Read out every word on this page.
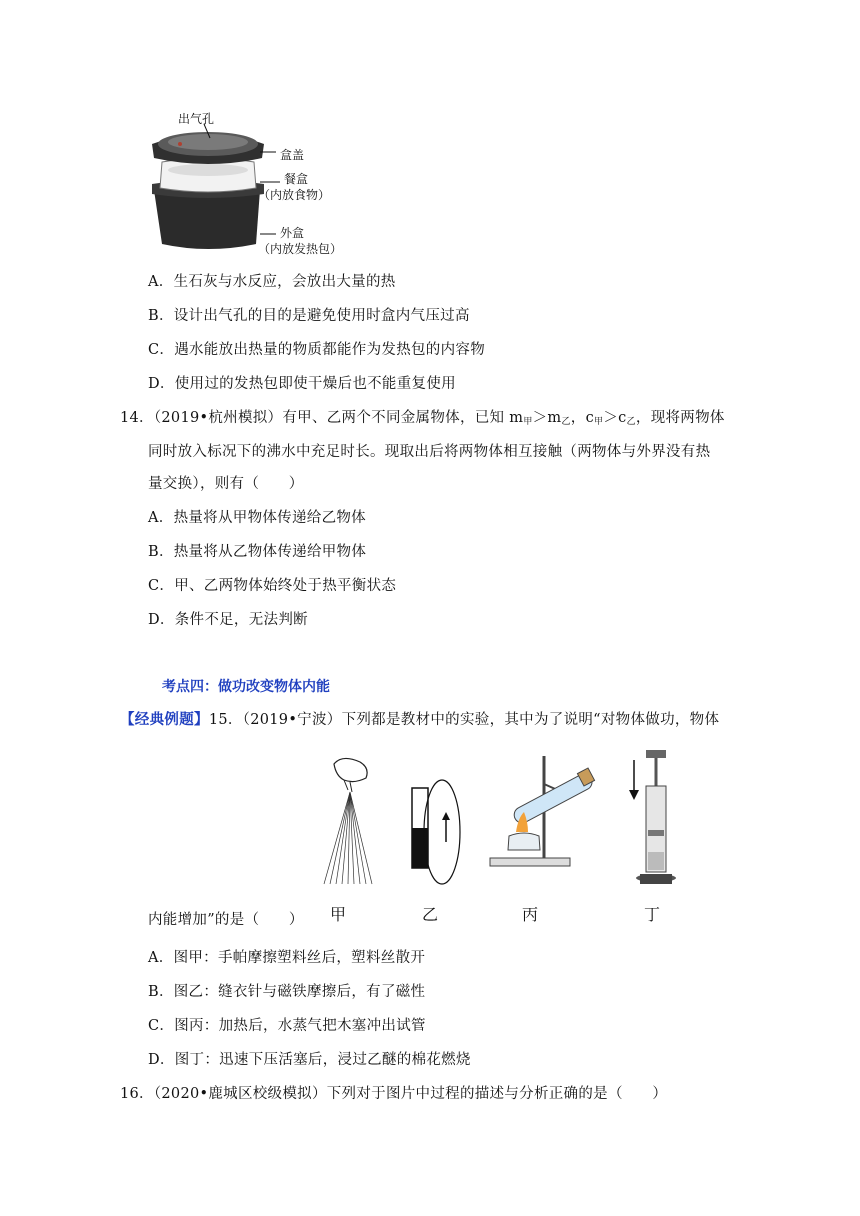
出气孔
盒盖
餐盒
（内放食物）
外盒
（内放发热包）
A．生石灰与水反应，会放出大量的热
B．设计出气孔的目的是避免使用时盒内气压过高
C．遇水能放出热量的物质都能作为发热包的内容物
D．使用过的发热包即使干燥后也不能重复使用
14．（2019•杭州模拟）有甲、乙两个不同金属物体，已知 $m_甲>m_乙$，$c_甲>c_乙$，现将两物体
同时放入标况下的沸水中充足时长。现取出后将两物体相互接触（两物体与外界没有热
量交换），则有（　　）
A．热量将从甲物体传递给乙物体
B．热量将从乙物体传递给甲物体
C．甲、乙两物体始终处于热平衡状态
D．条件不足，无法判断
考点四：做功改变物体内能
【经典例题】15．（2019•宁波）下列都是教材中的实验，其中为了说明“对物体做功，物体
甲	乙	丙	丁
内能增加”的是（　　）
A．图甲：手帕摩擦塑料丝后，塑料丝散开
B．图乙：缝衣针与磁铁摩擦后，有了磁性
C．图丙：加热后，水蒸气把木塞冲出试管
D．图丁：迅速下压活塞后，浸过乙醚的棉花燃烧
16．（2020•鹿城区校级模拟）下列对于图片中过程的描述与分析正确的是（　　）
